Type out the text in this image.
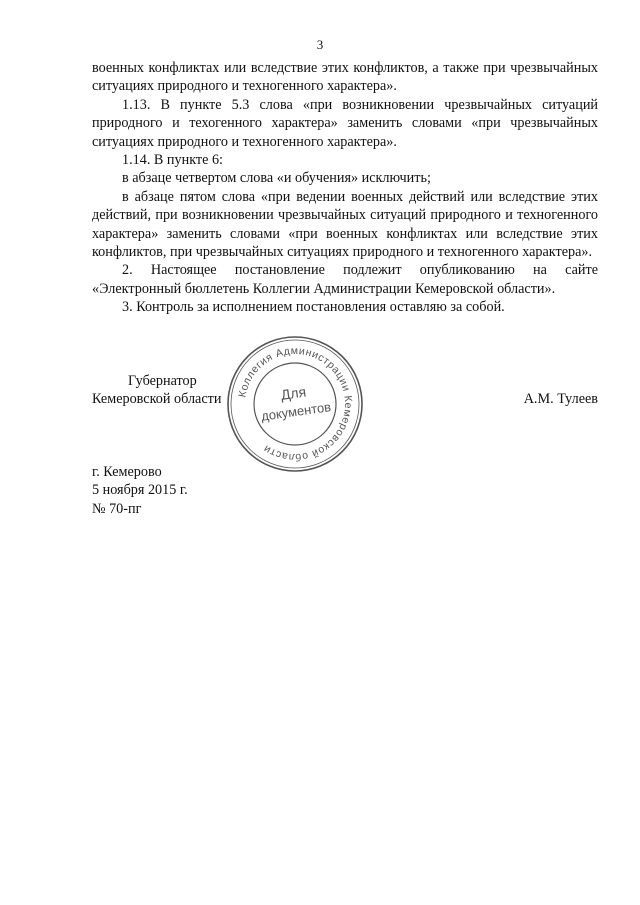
3

военных конфликтах или вследствие этих конфликтов, а также при чрезвычайных ситуациях природного и техногенного характера».

1.13. В пункте 5.3 слова «при возникновении чрезвычайных ситуаций природного и техогенного характера» заменить словами «при чрезвычайных ситуациях природного и техногенного характера».

1.14. В пункте 6:

в абзаце четвертом слова «и обучения» исключить;

в абзаце пятом слова «при ведении военных действий или вследствие этих действий, при возникновении чрезвычайных ситуаций природного и техногенного характера» заменить словами «при военных конфликтах или вследствие этих конфликтов, при чрезвычайных ситуациях природного и техногенного характера».

2. Настоящее постановление подлежит опубликованию на сайте «Электронный бюллетень Коллегии Администрации Кемеровской области».

3. Контроль за исполнением постановления оставляю за собой.

Губернатор
Кемеровской области	А.М. Тулеев
Коллегия Администрации Кемеровской области
Для
документов
г. Кемерово
5 ноября 2015 г.
№ 70-пг
